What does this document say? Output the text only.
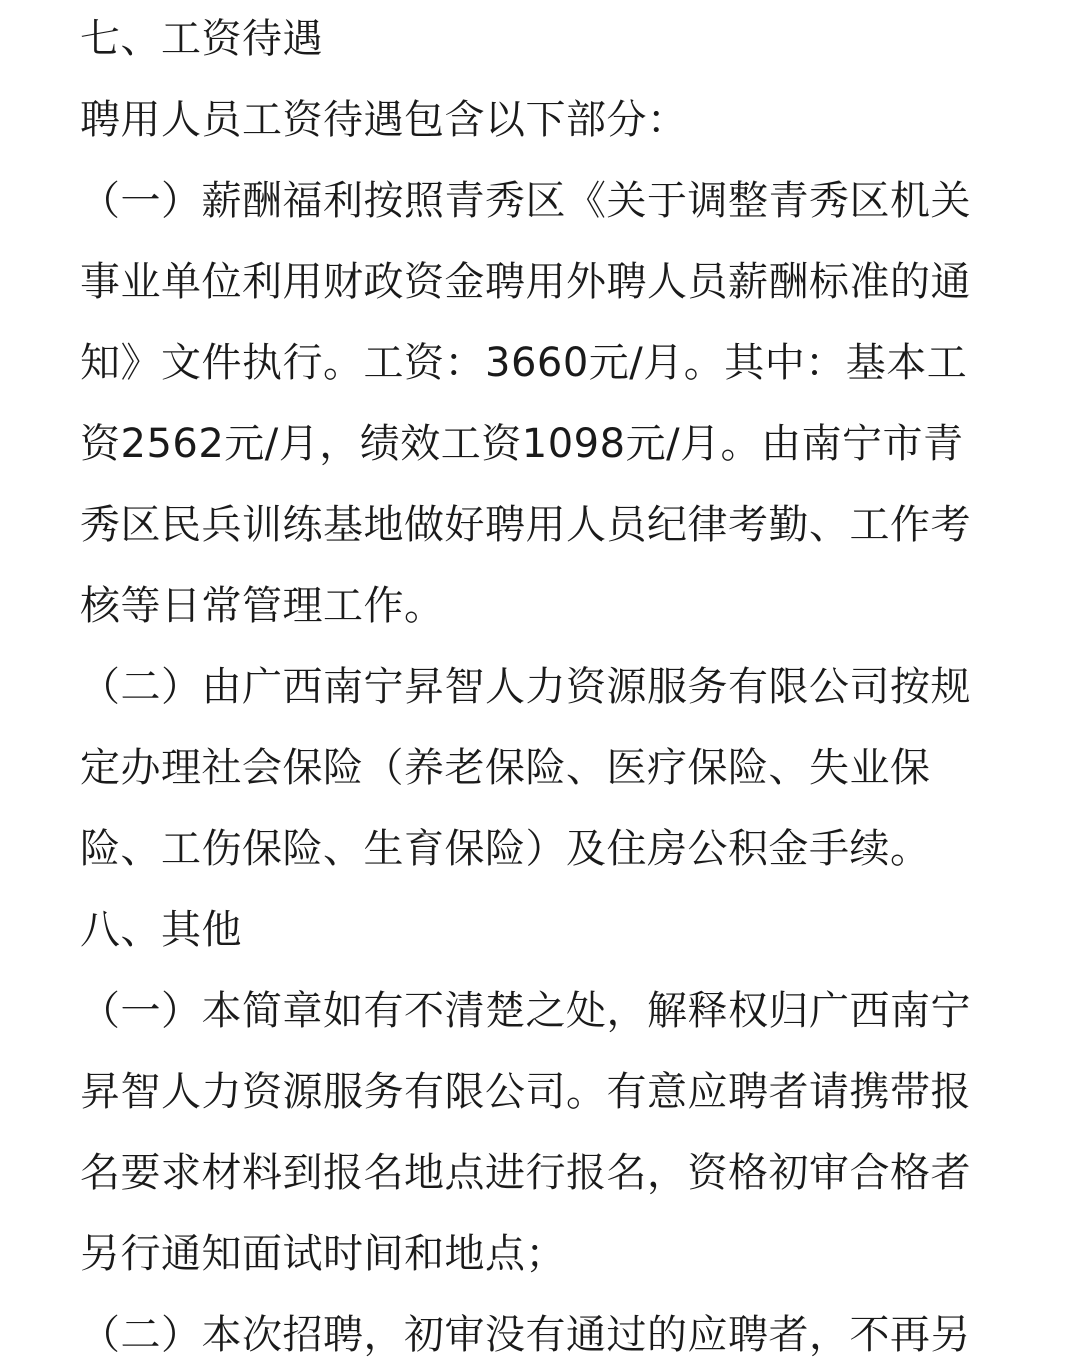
七、工资待遇
聘用人员工资待遇包含以下部分：
（一）薪酬福利按照青秀区《关于调整青秀区机关
事业单位利用财政资金聘用外聘人员薪酬标准的通
知》文件执行。工资：3660元/月。其中：基本工
资2562元/月，绩效工资1098元/月。由南宁市青
秀区民兵训练基地做好聘用人员纪律考勤、工作考
核等日常管理工作。
（二）由广西南宁昇智人力资源服务有限公司按规
定办理社会保险（养老保险、医疗保险、失业保
险、工伤保险、生育保险）及住房公积金手续。
八、其他
（一）本简章如有不清楚之处，解释权归广西南宁
昇智人力资源服务有限公司。有意应聘者请携带报
名要求材料到报名地点进行报名，资格初审合格者
另行通知面试时间和地点；
（二）本次招聘，初审没有通过的应聘者，不再另
